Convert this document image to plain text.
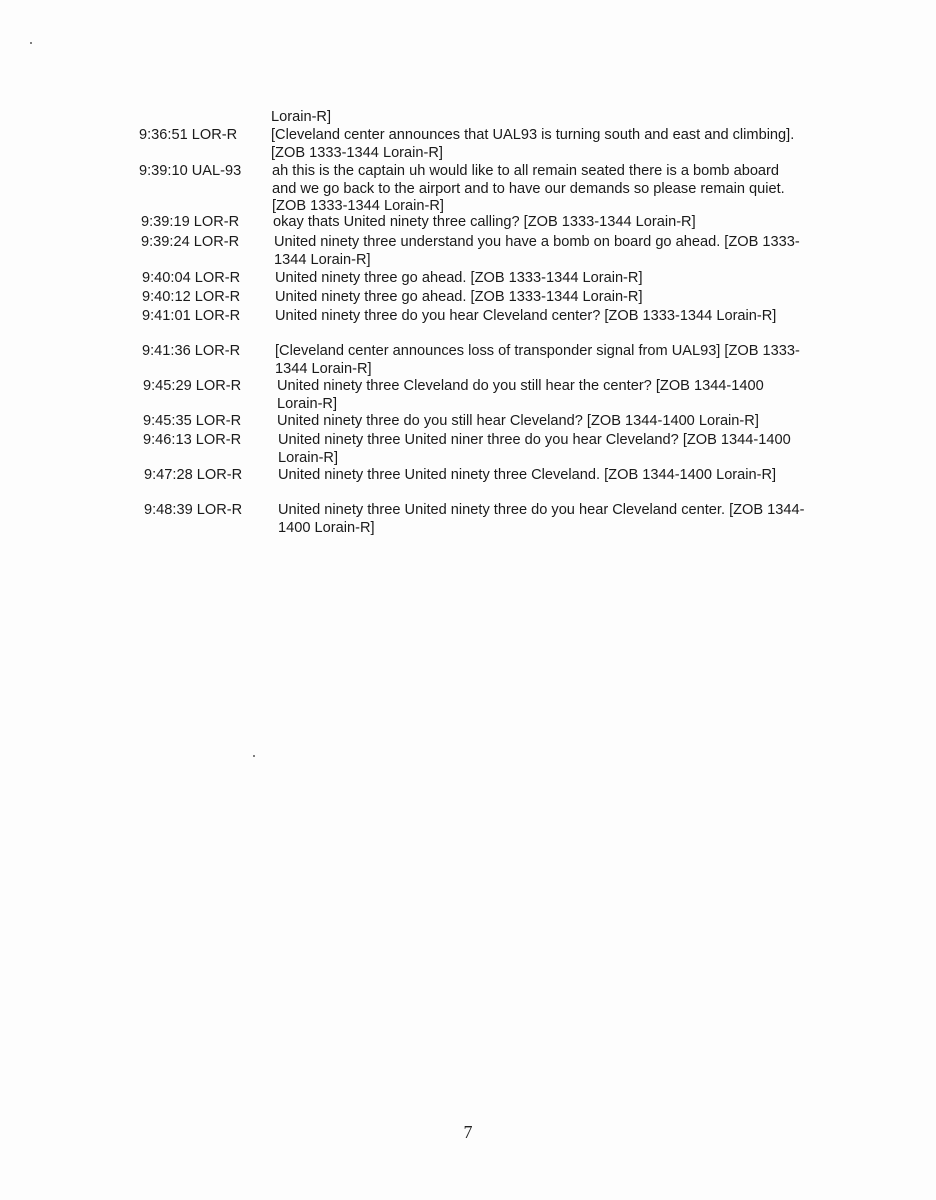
Lorain-R]
9:36:51 LOR-R [Cleveland center announces that UAL93 is turning south and east and climbing]. [ZOB 1333-1344 Lorain-R]
9:39:10 UAL-93 ah this is the captain uh would like to all remain seated there is a bomb aboard and we go back to the airport and to have our demands so please remain quiet. [ZOB 1333-1344 Lorain-R]
9:39:19 LOR-R okay thats United ninety three calling? [ZOB 1333-1344 Lorain-R]
9:39:24 LOR-R United ninety three understand you have a bomb on board go ahead. [ZOB 1333-1344 Lorain-R]
9:40:04 LOR-R United ninety three go ahead. [ZOB 1333-1344 Lorain-R]
9:40:12 LOR-R United ninety three go ahead. [ZOB 1333-1344 Lorain-R]
9:41:01 LOR-R United ninety three do you hear Cleveland center? [ZOB 1333-1344 Lorain-R]
9:41:36 LOR-R [Cleveland center announces loss of transponder signal from UAL93] [ZOB 1333-1344 Lorain-R]
9:45:29 LOR-R United ninety three Cleveland do you still hear the center? [ZOB 1344-1400 Lorain-R]
9:45:35 LOR-R United ninety three do you still hear Cleveland? [ZOB 1344-1400 Lorain-R]
9:46:13 LOR-R	United ninety three United niner three do you hear Cleveland? [ZOB 1344-1400 Lorain-R]
9:47:28 LOR-R United ninety three United ninety three Cleveland. [ZOB 1344-1400 Lorain-R]
9:48:39 LOR-R United ninety three United ninety three do you hear Cleveland center. [ZOB 1344-1400 Lorain-R]
7
